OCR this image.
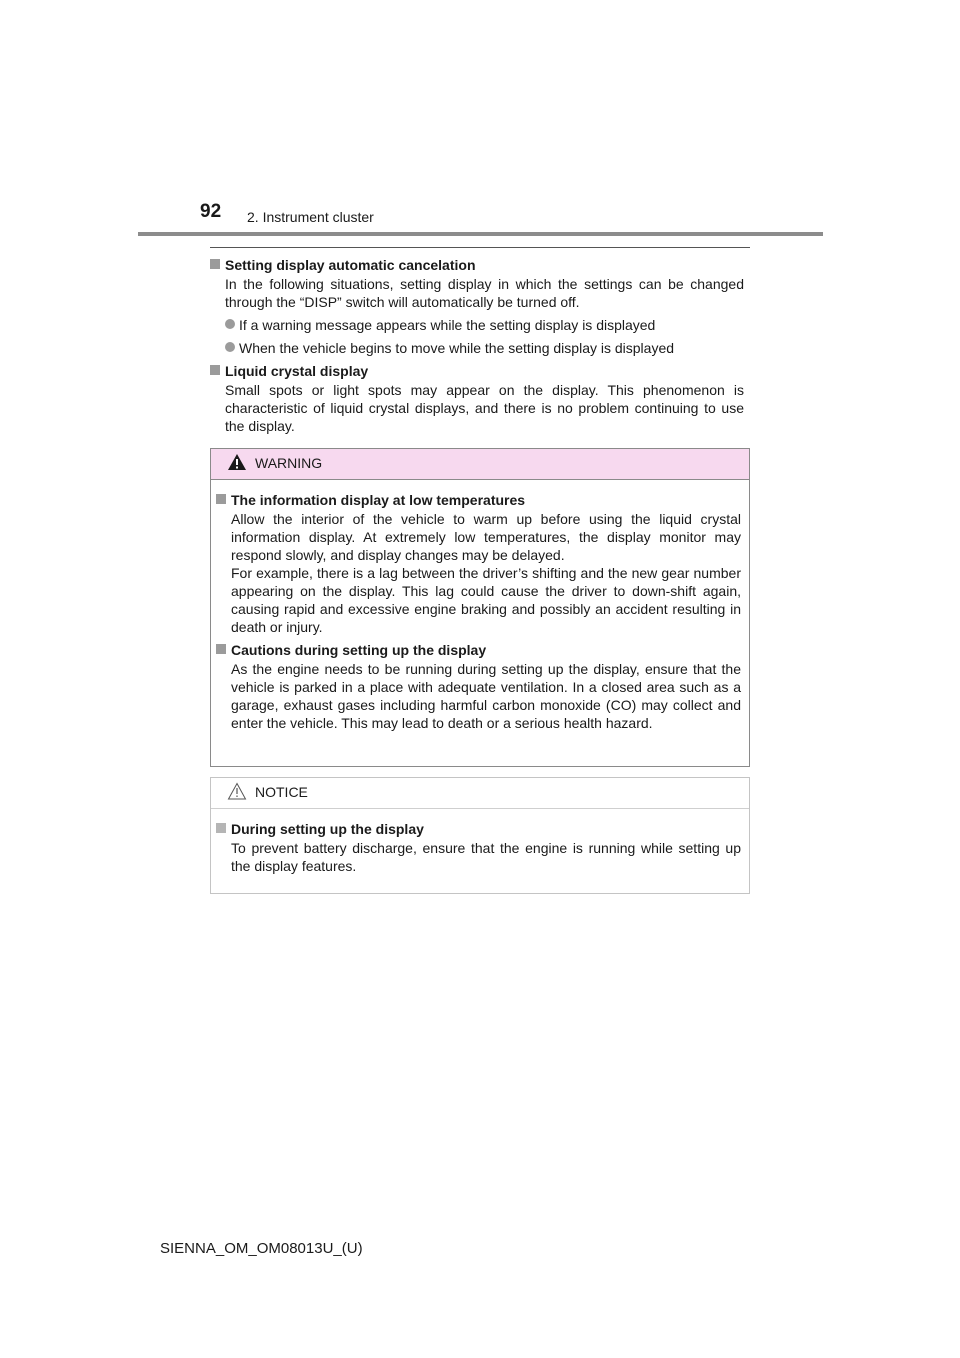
92 2. Instrument cluster

Setting display automatic cancelation

In the following situations, setting display in which the settings can be changed through the “DISP” switch will automatically be turned off.

If a warning message appears while the setting display is displayed
When the vehicle begins to move while the setting display is displayed

Liquid crystal display

Small spots or light spots may appear on the display. This phenomenon is characteristic of liquid crystal displays, and there is no problem continuing to use the display.

WARNING

The information display at low temperatures

Allow the interior of the vehicle to warm up before using the liquid crystal information display. At extremely low temperatures, the display monitor may respond slowly, and display changes may be delayed.

For example, there is a lag between the driver’s shifting and the new gear number appearing on the display. This lag could cause the driver to down-shift again, causing rapid and excessive engine braking and possibly an accident resulting in death or injury.

Cautions during setting up the display

As the engine needs to be running during setting up the display, ensure that the vehicle is parked in a place with adequate ventilation. In a closed area such as a garage, exhaust gases including harmful carbon monoxide (CO) may collect and enter the vehicle. This may lead to death or a serious health hazard.

NOTICE

During setting up the display

To prevent battery discharge, ensure that the engine is running while setting up the display features.

SIENNA_OM_OM08013U_(U)
